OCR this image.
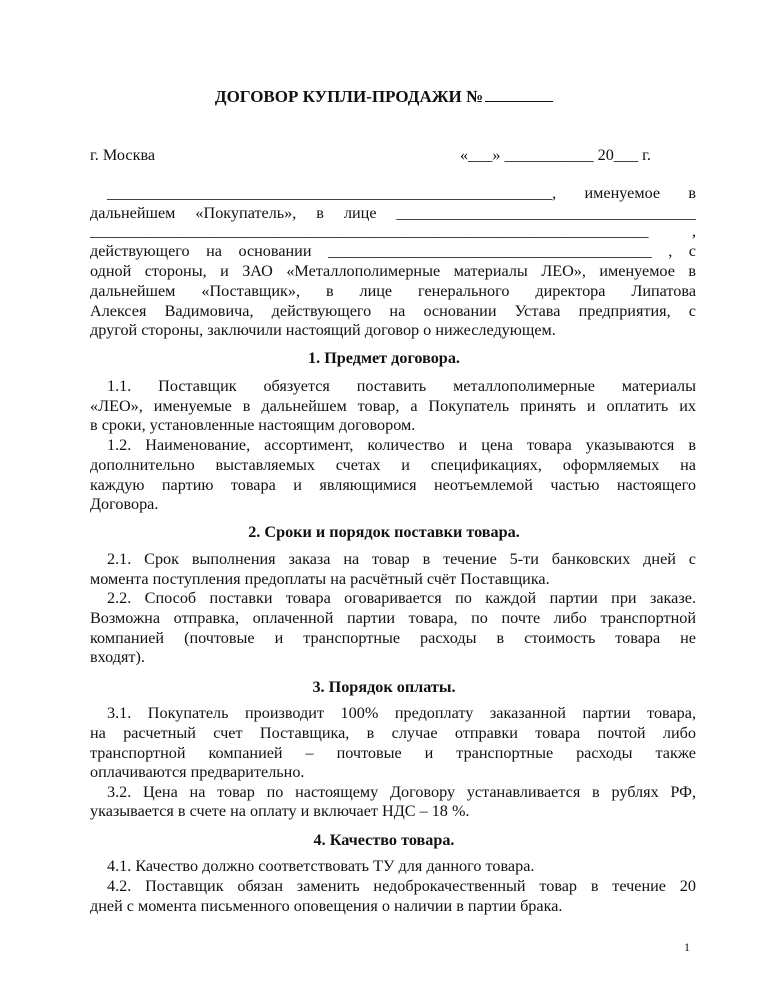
ДОГОВОР КУПЛИ-ПРОДАЖИ №
г. Москва	«___» ___________ 20___ г.
_______________________________________________________, именуемое в
дальнейшем «Покупатель», в лице _____________________________________
_____________________________________________________________________ ,
действующего на основании ________________________________________ , с
одной стороны, и ЗАО «Металлополимерные материалы ЛЕО», именуемое в
дальнейшем «Поставщик», в лице генерального директора Липатова
Алексея Вадимовича, действующего на основании Устава предприятия, с
другой стороны, заключили настоящий договор о нижеследующем.
1. Предмет договора.
1.1. Поставщик обязуется поставить металлополимерные материалы
«ЛЕО», именуемые в дальнейшем товар, а Покупатель принять и оплатить их
в сроки, установленные настоящим договором.
1.2. Наименование, ассортимент, количество и цена товара указываются в
дополнительно выставляемых счетах и спецификациях, оформляемых на
каждую партию товара и являющимися неотъемлемой частью настоящего
Договора.
2. Сроки и порядок поставки товара.
2.1. Срок выполнения заказа на товар в течение 5-ти банковских дней с
момента поступления предоплаты на расчётный счёт Поставщика.
2.2. Способ поставки товара оговаривается по каждой партии при заказе.
Возможна отправка, оплаченной партии товара, по почте либо транспортной
компанией (почтовые и транспортные расходы в стоимость товара не
входят).
3. Порядок оплаты.
3.1. Покупатель производит 100% предоплату заказанной партии товара,
на расчетный счет Поставщика, в случае отправки товара почтой либо
транспортной компанией – почтовые и транспортные расходы также
оплачиваются предварительно.
3.2. Цена на товар по настоящему Договору устанавливается в рублях РФ,
указывается в счете на оплату и включает НДС – 18 %.
4. Качество товара.
4.1. Качество должно соответствовать ТУ для данного товара.
4.2. Поставщик обязан заменить недоброкачественный товар в течение 20
дней с момента письменного оповещения о наличии в партии брака.
1
